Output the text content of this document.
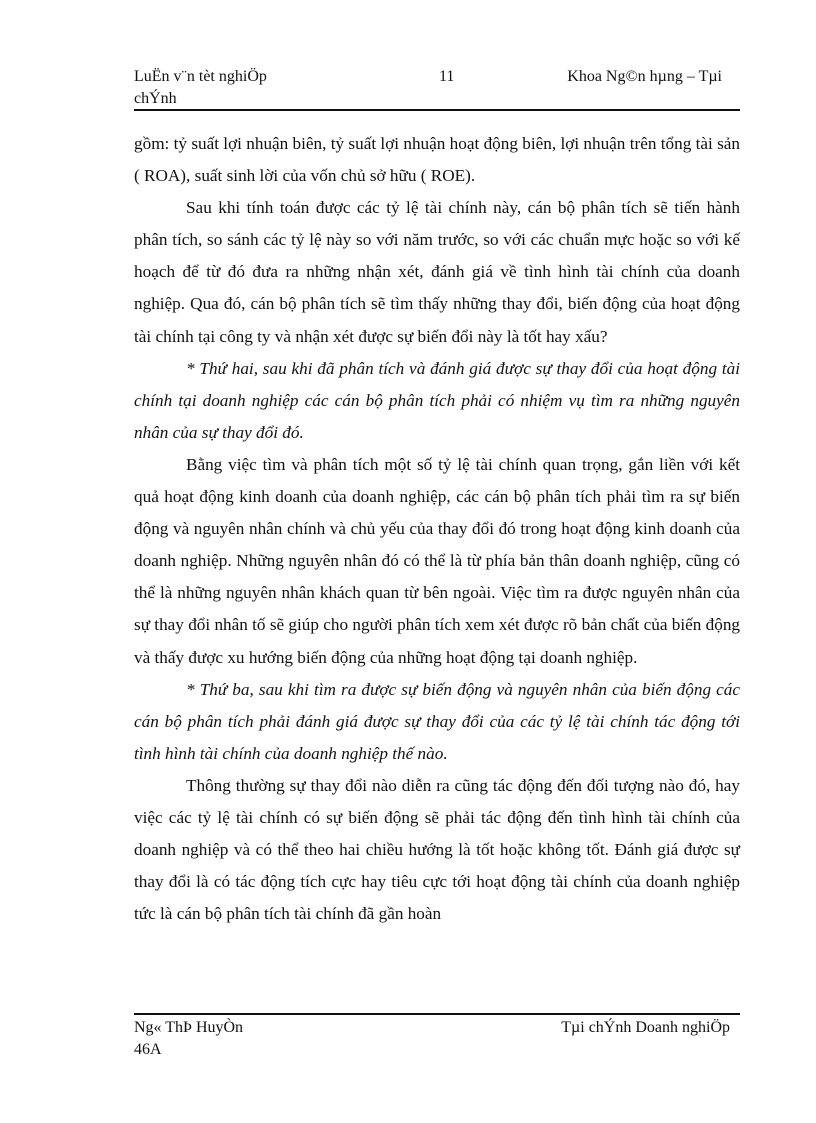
LuËn v¨n tèt nghiÖp
chÝnh
11	Khoa Ng©n hµng – Tµi

gồm: tỷ suất lợi nhuận biên, tỷ suất lợi nhuận hoạt động biên, lợi nhuận trên tổng tài sản ( ROA), suất sinh lời của vốn chủ sở hữu ( ROE).

Sau khi tính toán được các tỷ lệ tài chính này, cán bộ phân tích sẽ tiến hành phân tích, so sánh các tỷ lệ này so với năm trước, so với các chuẩn mực hoặc so với kế hoạch để từ đó đưa ra những nhận xét, đánh giá về tình hình tài chính của doanh nghiệp. Qua đó, cán bộ phân tích sẽ tìm thấy những thay đổi, biến động của hoạt động tài chính tại công ty và nhận xét được sự biến đổi này là tốt hay xấu?

* Thứ hai, sau khi đã phân tích và đánh giá được sự thay đổi của hoạt động tài chính tại doanh nghiệp các cán bộ phân tích phải có nhiệm vụ tìm ra những nguyên nhân của sự thay đổi đó.

Bằng việc tìm và phân tích một số tỷ lệ tài chính quan trọng, gắn liền với kết quả hoạt động kinh doanh của doanh nghiệp, các cán bộ phân tích phải tìm ra sự biến động và nguyên nhân chính và chủ yếu của thay đổi đó trong hoạt động kinh doanh của doanh nghiệp. Những nguyên nhân đó có thể là từ phía bản thân doanh nghiệp, cũng có thể là những nguyên nhân khách quan từ bên ngoài. Việc tìm ra được nguyên nhân của sự thay đổi nhân tố sẽ giúp cho người phân tích xem xét được rõ bản chất của biến động và thấy được xu hướng biến động của những hoạt động tại doanh nghiệp.

* Thứ ba, sau khi tìm ra được sự biến động và nguyên nhân của biến động các cán bộ phân tích phải đánh giá được sự thay đổi của các tỷ lệ tài chính tác động tới tình hình tài chính của doanh nghiệp thế nào.

Thông thường sự thay đổi nào diễn ra cũng tác động đến đối tượng nào đó, hay việc các tỷ lệ tài chính có sự biến động sẽ phải tác động đến tình hình tài chính của doanh nghiệp và có thể theo hai chiều hướng là tốt hoặc không tốt. Đánh giá được sự thay đổi là có tác động tích cực hay tiêu cực tới hoạt động tài chính của doanh nghiệp tức là cán bộ phân tích tài chính đã gần hoàn

Ng« ThÞ HuyÒn
46A
Tµi chÝnh Doanh nghiÖp
